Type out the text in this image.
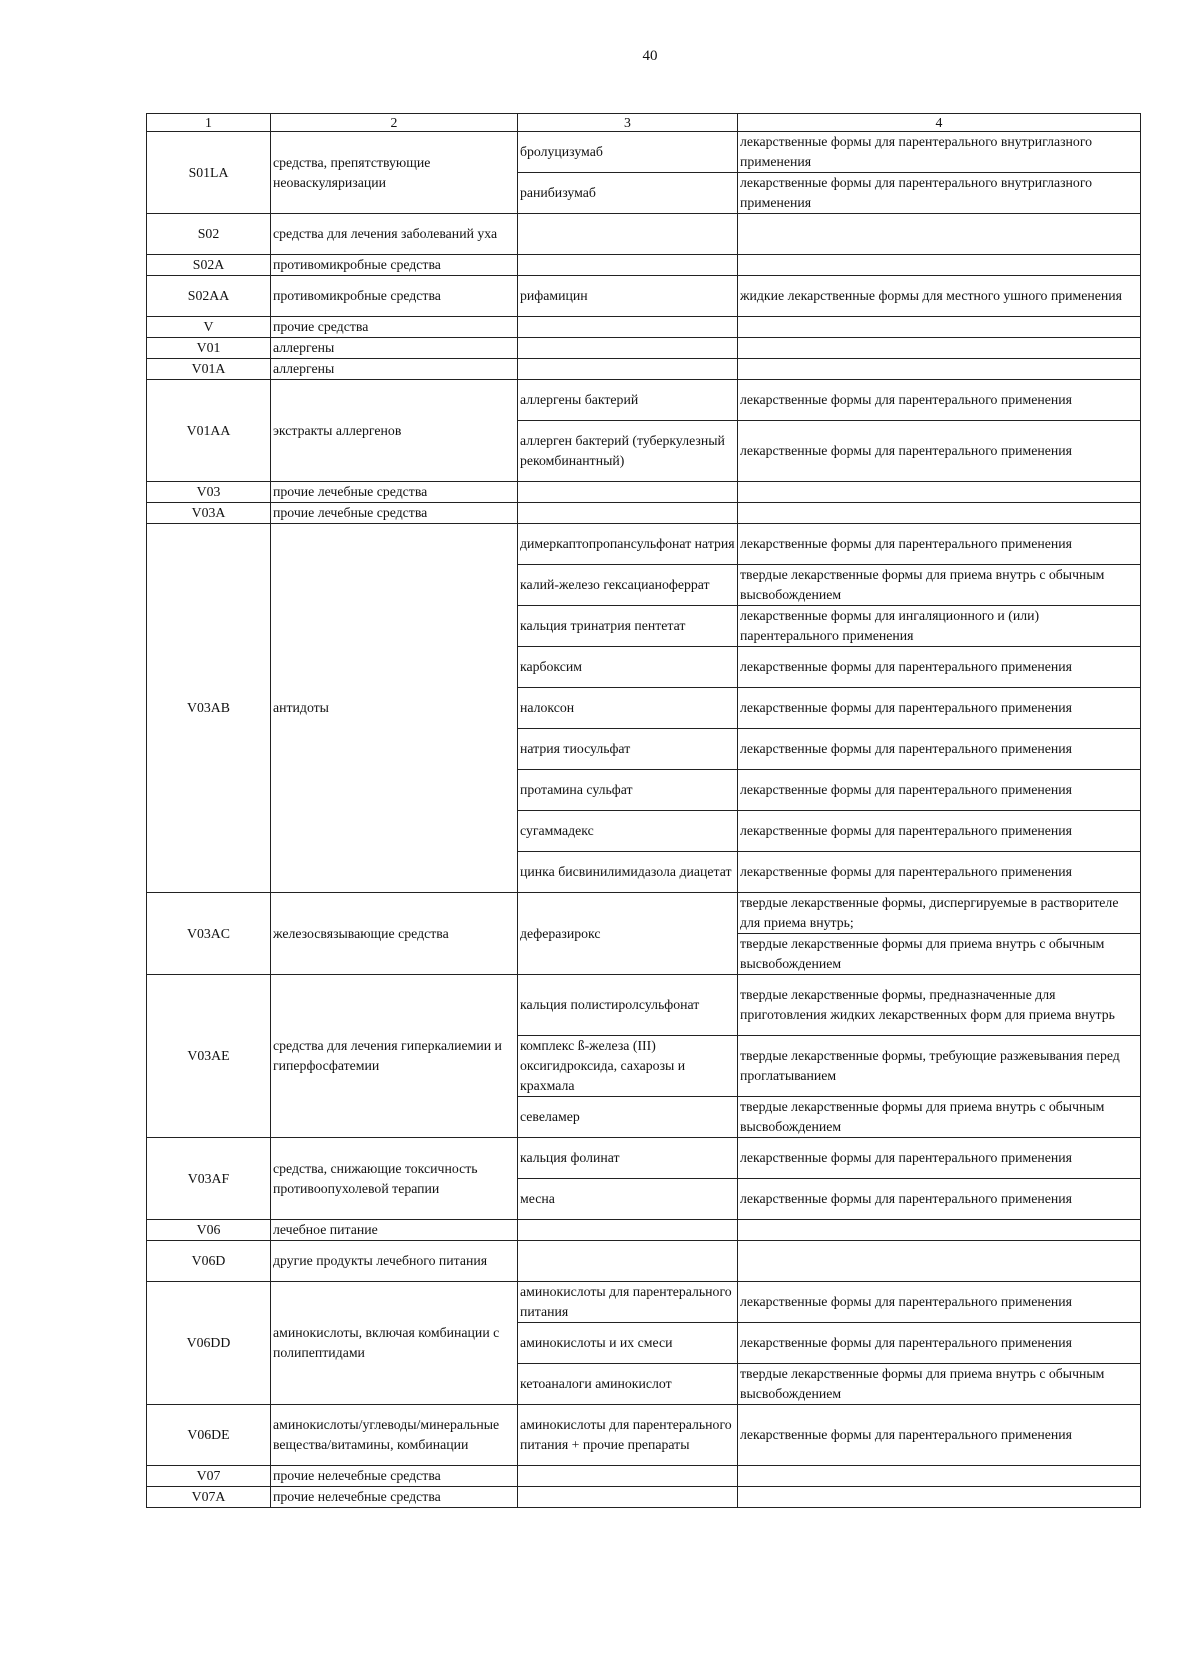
40
1	2	3	4
S01LA	средства, препятствующие неоваскуляризации	бролуцизумаб	лекарственные формы для парентерального внутриглазного применения
		ранибизумаб	лекарственные формы для парентерального внутриглазного применения
S02	средства для лечения заболеваний уха		
S02A	противомикробные средства		
S02AA	противомикробные средства	рифамицин	жидкие лекарственные формы для местного ушного применения
V	прочие средства		
V01	аллергены		
V01A	аллергены		
V01AA	экстракты аллергенов	аллергены бактерий	лекарственные формы для парентерального применения
		аллерген бактерий (туберкулезный рекомбинантный)	лекарственные формы для парентерального применения
V03	прочие лечебные средства		
V03A	прочие лечебные средства		
V03AB	антидоты	димеркаптопропансульфонат натрия	лекарственные формы для парентерального применения
		калий-железо гексацианоферрат	твердые лекарственные формы для приема внутрь с обычным высвобождением
		кальция тринатрия пентетат	лекарственные формы для ингаляционного и (или) парентерального применения
		карбоксим	лекарственные формы для парентерального применения
		налоксон	лекарственные формы для парентерального применения
		натрия тиосульфат	лекарственные формы для парентерального применения
		протамина сульфат	лекарственные формы для парентерального применения
		сугаммадекс	лекарственные формы для парентерального применения
		цинка бисвинилимидазола диацетат	лекарственные формы для парентерального применения
V03AC	железосвязывающие средства	деферазирокс	твердые лекарственные формы, диспергируемые в растворителе для приема внутрь;
			твердые лекарственные формы для приема внутрь с обычным высвобождением
V03AE	средства для лечения гиперкалиемии и гиперфосфатемии	кальция полистиролсульфонат	твердые лекарственные формы, предназначенные для приготовления жидких лекарственных форм для приема внутрь
		комплекс ß-железа (III) оксигидроксида, сахарозы и крахмала	твердые лекарственные формы, требующие разжевывания перед проглатыванием
		севеламер	твердые лекарственные формы для приема внутрь с обычным высвобождением
V03AF	средства, снижающие токсичность противоопухолевой терапии	кальция фолинат	лекарственные формы для парентерального применения
		месна	лекарственные формы для парентерального применения
V06	лечебное питание		
V06D	другие продукты лечебного питания		
V06DD	аминокислоты, включая комбинации с полипептидами	аминокислоты для парентерального питания	лекарственные формы для парентерального применения
		аминокислоты и их смеси	лекарственные формы для парентерального применения
		кетоаналоги аминокислот	твердые лекарственные формы для приема внутрь с обычным высвобождением
V06DE	аминокислоты/углеводы/минеральные вещества/витамины, комбинации	аминокислоты для парентерального питания + прочие препараты	лекарственные формы для парентерального применения
V07	прочие нелечебные средства		
V07A	прочие нелечебные средства		
